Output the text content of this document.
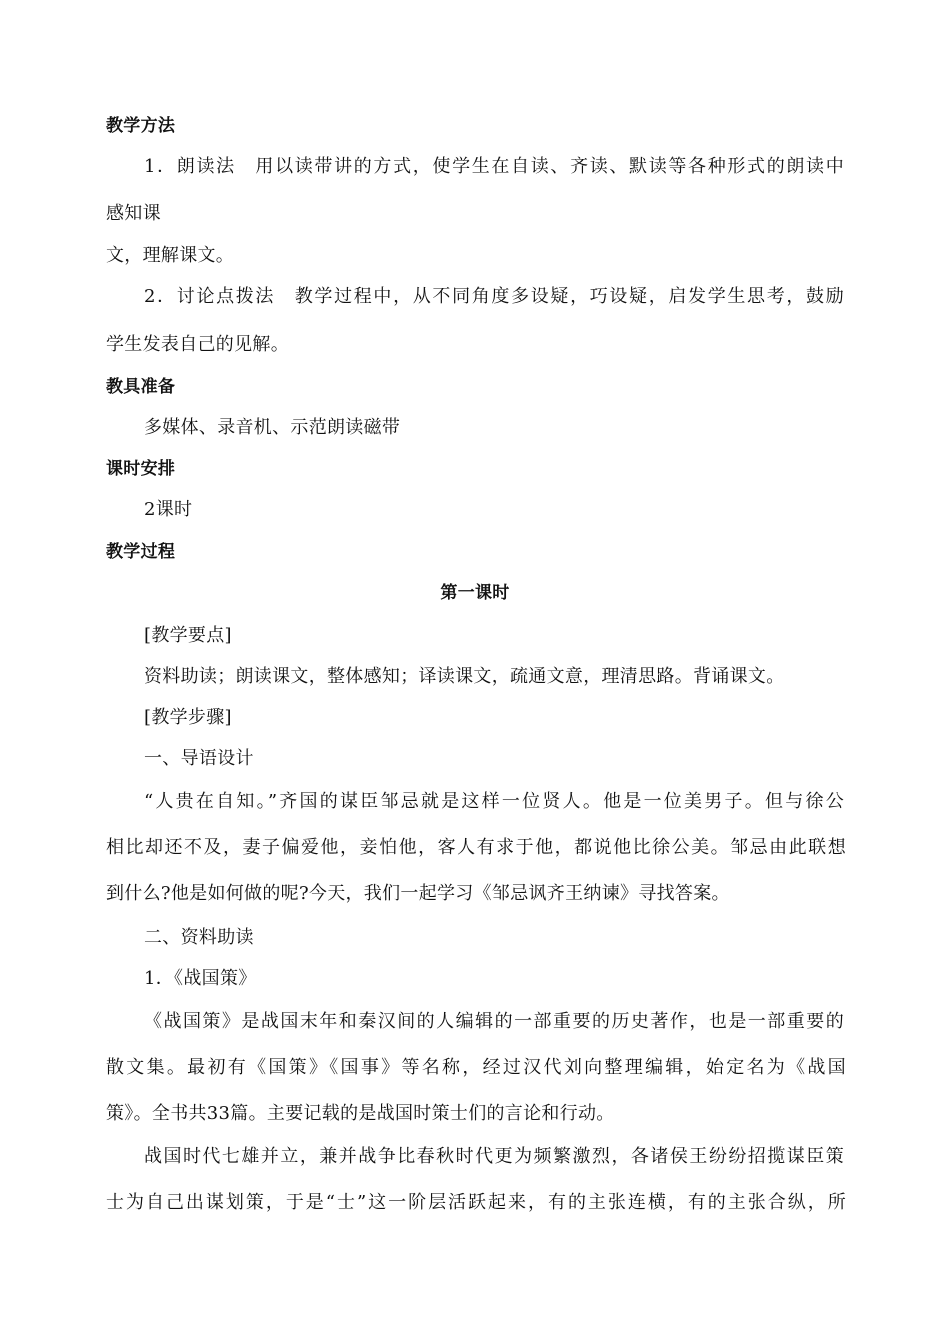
教学方法
1．朗读法　用以读带讲的方式，使学生在自读、齐读、默读等各种形式的朗读中
感知课
文，理解课文。
2．讨论点拨法　教学过程中，从不同角度多设疑，巧设疑，启发学生思考，鼓励
学生发表自己的见解。
教具准备
多媒体、录音机、示范朗读磁带
课时安排
2课时
教学过程
第一课时
[教学要点]
资料助读；朗读课文，整体感知；译读课文，疏通文意，理清思路。背诵课文。
[教学步骤]
一、导语设计
“人贵在自知。”齐国的谋臣邹忌就是这样一位贤人。他是一位美男子。但与徐公
相比却还不及，妻子偏爱他，妾怕他，客人有求于他，都说他比徐公美。邹忌由此联想
到什么?他是如何做的呢?今天，我们一起学习《邹忌讽齐王纳谏》寻找答案。
二、资料助读
1．《战国策》
《战国策》是战国末年和秦汉间的人编辑的一部重要的历史著作，也是一部重要的
散文集。最初有《国策》《国事》等名称，经过汉代刘向整理编辑，始定名为《战国
策》。全书共33篇。主要记载的是战国时策士们的言论和行动。
战国时代七雄并立，兼并战争比春秋时代更为频繁激烈，各诸侯王纷纷招揽谋臣策
士为自己出谋划策，于是“士”这一阶层活跃起来，有的主张连横，有的主张合纵，所
